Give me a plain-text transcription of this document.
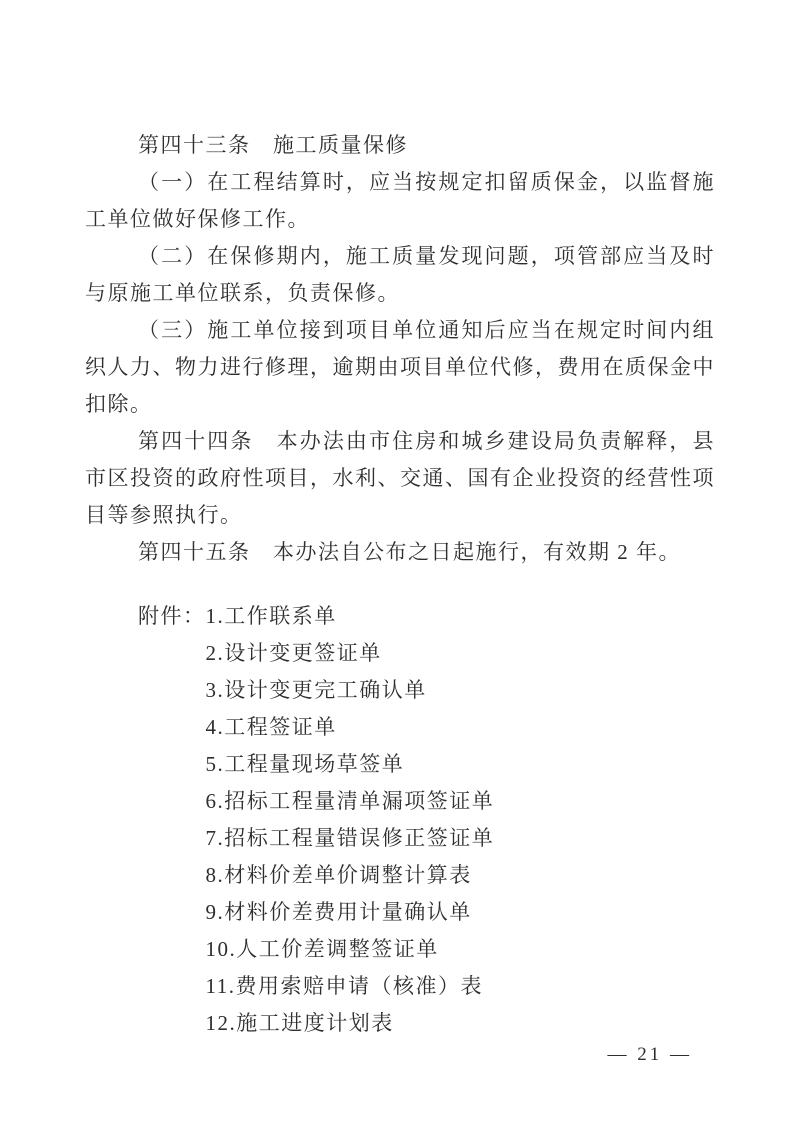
第四十三条　施工质量保修

（一）在工程结算时，应当按规定扣留质保金，以监督施工单位做好保修工作。

（二）在保修期内，施工质量发现问题，项管部应当及时与原施工单位联系，负责保修。

（三）施工单位接到项目单位通知后应当在规定时间内组织人力、物力进行修理，逾期由项目单位代修，费用在质保金中扣除。

第四十四条　本办法由市住房和城乡建设局负责解释，县市区投资的政府性项目，水利、交通、国有企业投资的经营性项目等参照执行。

第四十五条　本办法自公布之日起施行，有效期 2 年。

附件： 1.工作联系单
2.设计变更签证单
3.设计变更完工确认单
4.工程签证单
5.工程量现场草签单
6.招标工程量清单漏项签证单
7.招标工程量错误修正签证单
8.材料价差单价调整计算表
9.材料价差费用计量确认单
10.人工价差调整签证单
11.费用索赔申请（核准）表
12.施工进度计划表
— 21 —
